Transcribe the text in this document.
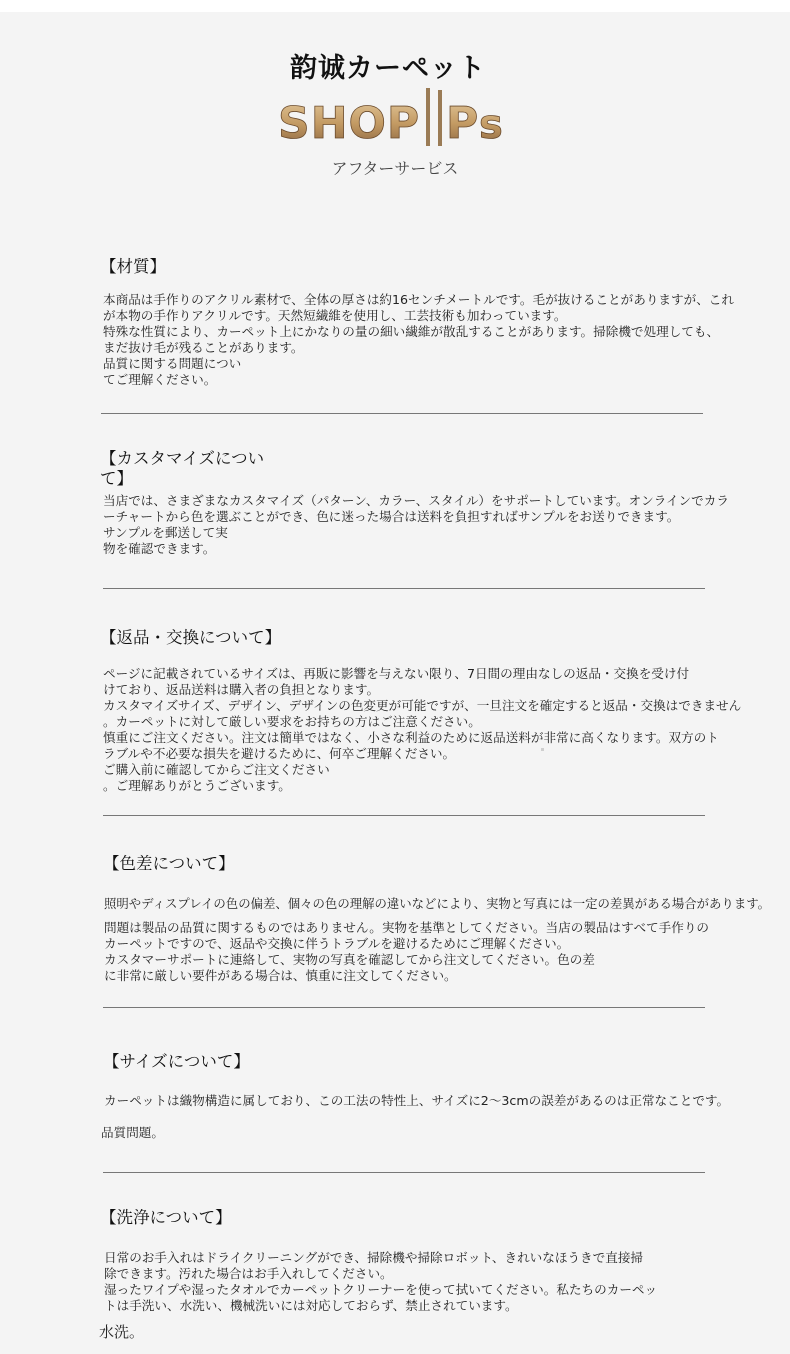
韵诚カーペット
SHOP P s
アフターサービス
【材質】
本商品は手作りのアクリル素材で、全体の厚さは約16センチメートルです。毛が抜けることがありますが、これ
が本物の手作りアクリルです。天然短繊維を使用し、工芸技術も加わっています。
特殊な性質により、カーペット上にかなりの量の細い繊維が散乱することがあります。掃除機で処理しても、
まだ抜け毛が残ることがあります。
品質に関する問題につい
てご理解ください。
【カスタマイズについ
て】
当店では、さまざまなカスタマイズ（パターン、カラー、スタイル）をサポートしています。オンラインでカラ
ーチャートから色を選ぶことができ、色に迷った場合は送料を負担すればサンプルをお送りできます。
サンプルを郵送して実
物を確認できます。
【返品・交換について】
ページに記載されているサイズは、再販に影響を与えない限り、7日間の理由なしの返品・交換を受け付
けており、返品送料は購入者の負担となります。
カスタマイズサイズ、デザイン、デザインの色変更が可能ですが、一旦注文を確定すると返品・交換はできません
。カーペットに対して厳しい要求をお持ちの方はご注意ください。
慎重にご注文ください。注文は簡単ではなく、小さな利益のために返品送料が非常に高くなります。双方のト
ラブルや不必要な損失を避けるために、何卒ご理解ください。
ご購入前に確認してからご注文ください
。ご理解ありがとうございます。
【色差について】
照明やディスプレイの色の偏差、個々の色の理解の違いなどにより、実物と写真には一定の差異がある場合があります。
問題は製品の品質に関するものではありません。実物を基準としてください。当店の製品はすべて手作りの
カーペットですので、返品や交換に伴うトラブルを避けるためにご理解ください。
カスタマーサポートに連絡して、実物の写真を確認してから注文してください。色の差
に非常に厳しい要件がある場合は、慎重に注文してください。
【サイズについて】
カーペットは織物構造に属しており、この工法の特性上、サイズに2〜3cmの誤差があるのは正常なことです。
品質問題。
【洗浄について】
日常のお手入れはドライクリーニングができ、掃除機や掃除ロボット、きれいなほうきで直接掃
除できます。汚れた場合はお手入れしてください。
湿ったワイプや湿ったタオルでカーペットクリーナーを使って拭いてください。私たちのカーペッ
トは手洗い、水洗い、機械洗いには対応しておらず、禁止されています。
水洗。
